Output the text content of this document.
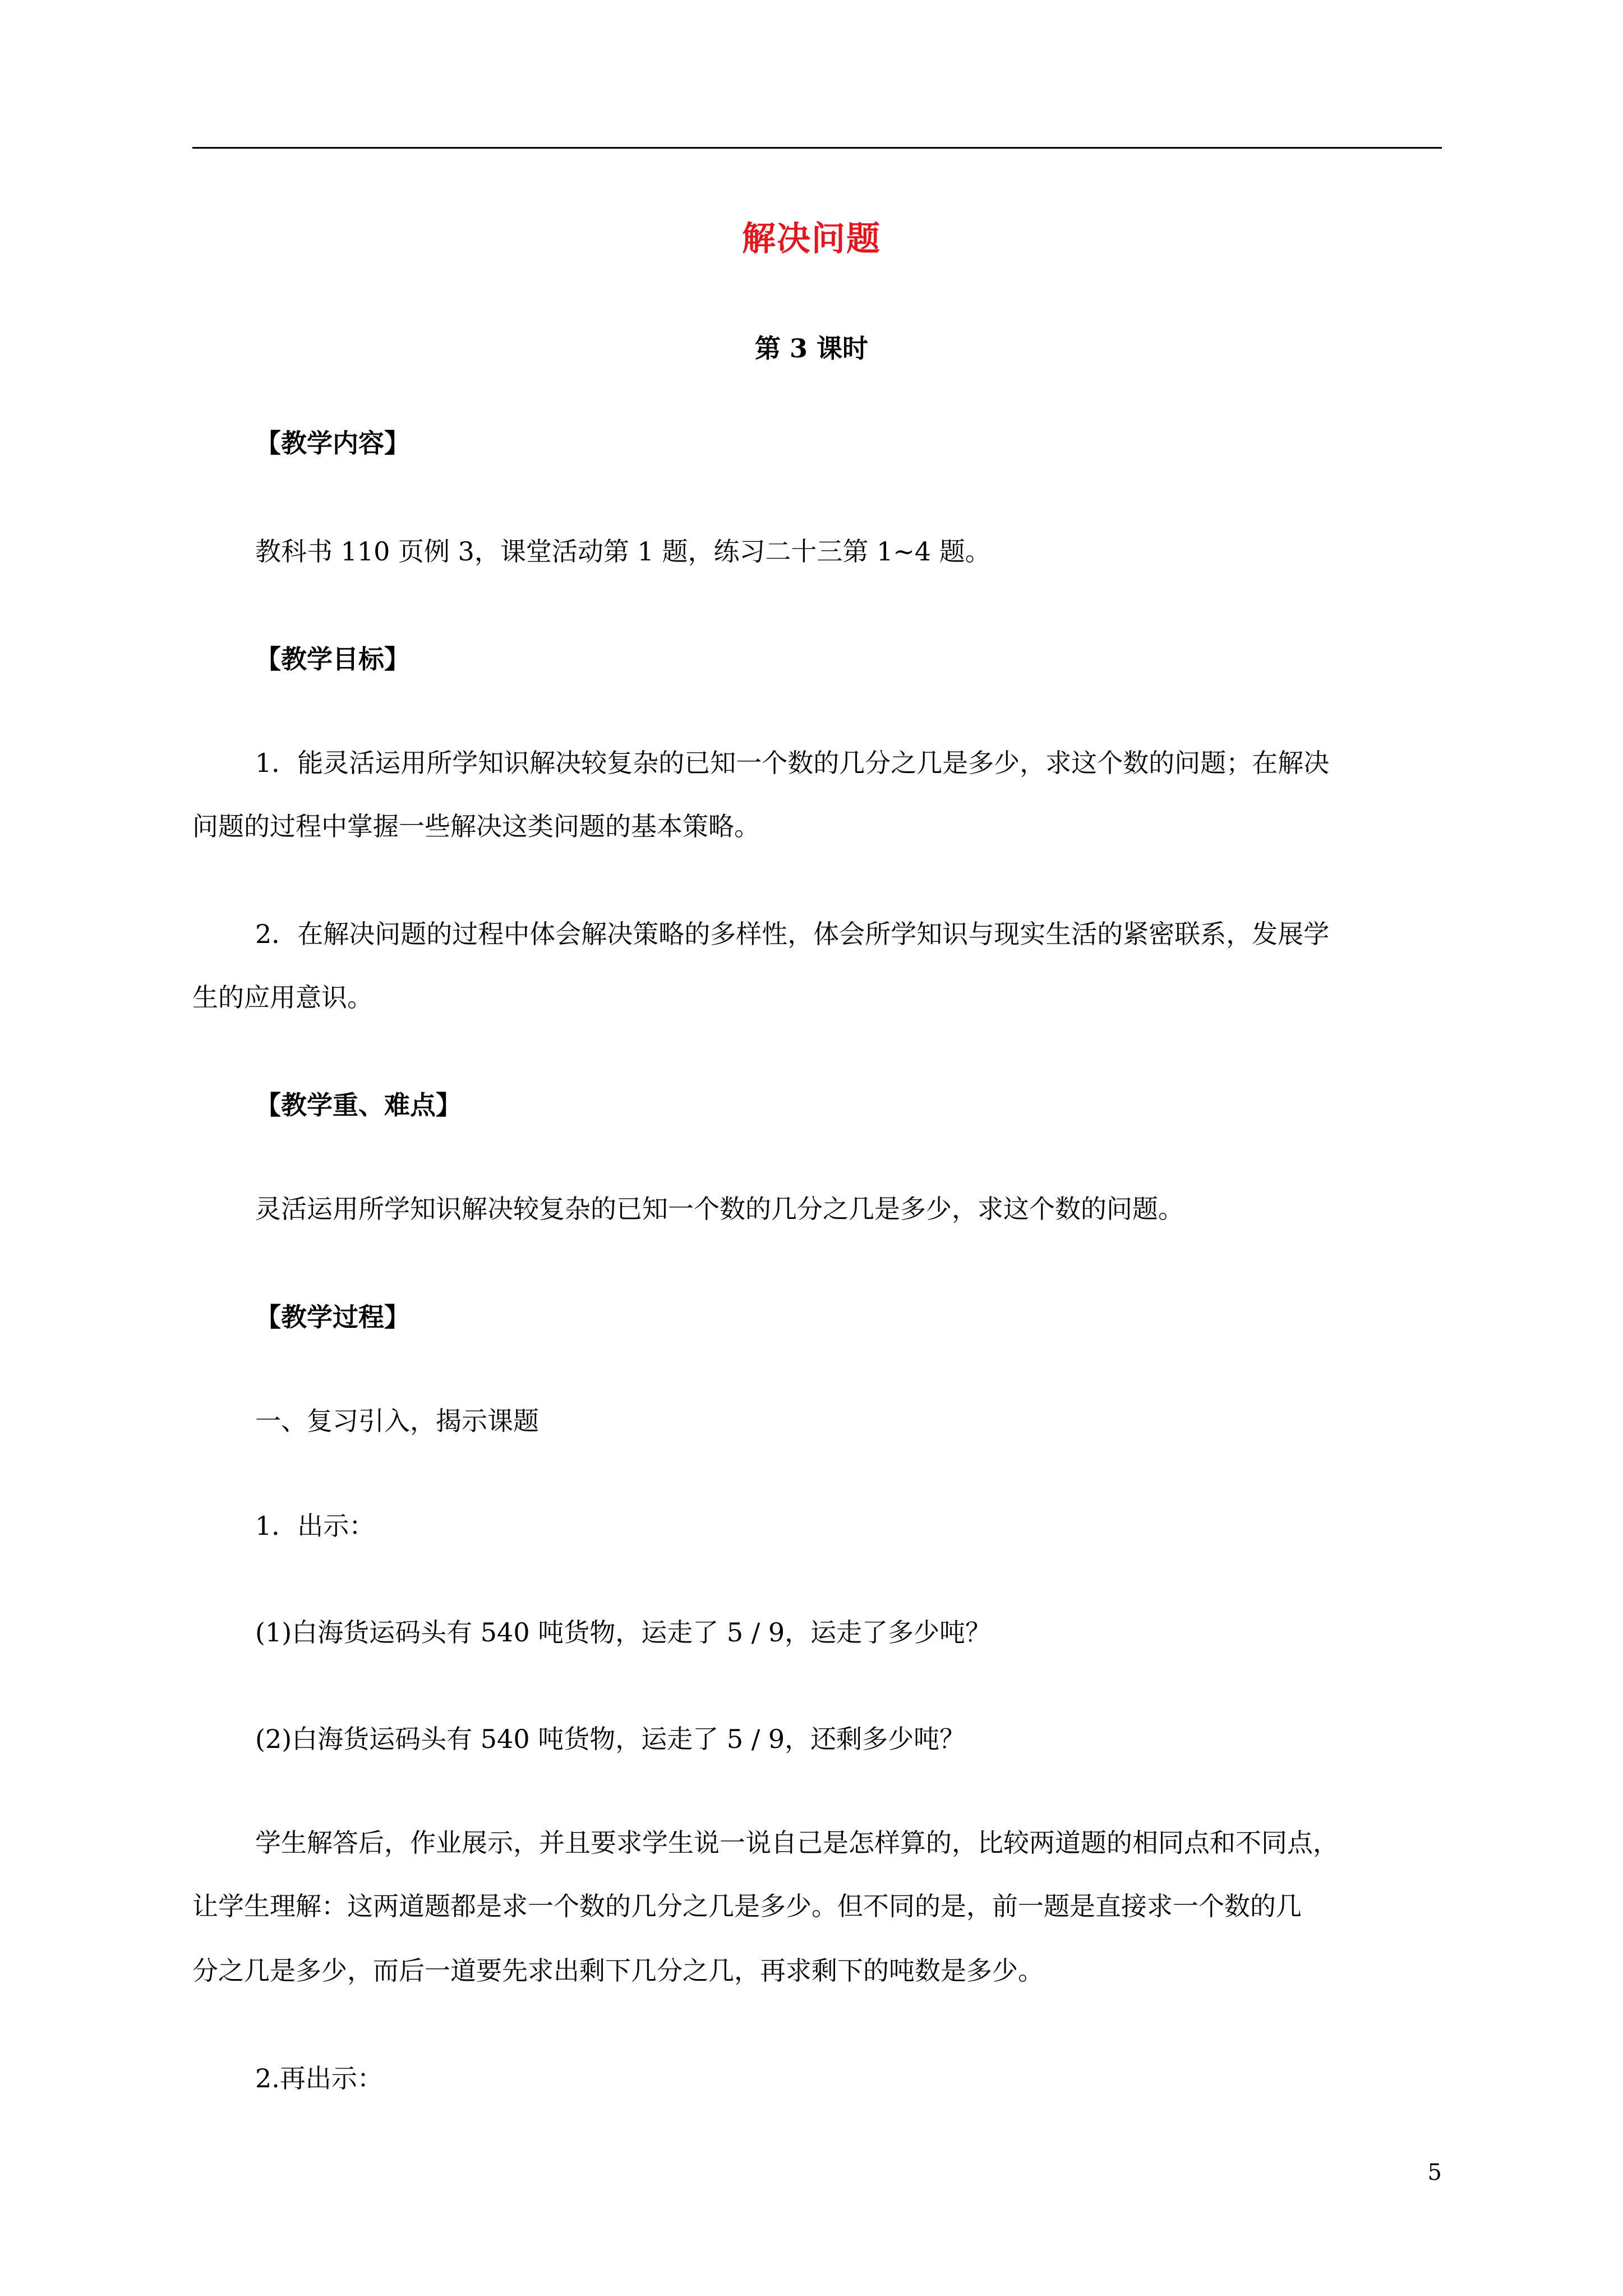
解决问题
第 3 课时
【教学内容】
教科书 110 页例 3，课堂活动第 1 题，练习二十三第 1~4 题。
【教学目标】
1．能灵活运用所学知识解决较复杂的已知一个数的几分之几是多少，求这个数的问题；在解决
问题的过程中掌握一些解决这类问题的基本策略。
2．在解决问题的过程中体会解决策略的多样性，体会所学知识与现实生活的紧密联系，发展学
生的应用意识。
【教学重、难点】
灵活运用所学知识解决较复杂的已知一个数的几分之几是多少，求这个数的问题。
【教学过程】
一、复习引入，揭示课题
1．出示：
(1)白海货运码头有 540 吨货物，运走了 5 / 9，运走了多少吨？
(2)白海货运码头有 540 吨货物，运走了 5 / 9，还剩多少吨？
学生解答后，作业展示，并且要求学生说一说自己是怎样算的，比较两道题的相同点和不同点，
让学生理解：这两道题都是求一个数的几分之几是多少。但不同的是，前一题是直接求一个数的几
分之几是多少，而后一道要先求出剩下几分之几，再求剩下的吨数是多少。
2.再出示：
5
